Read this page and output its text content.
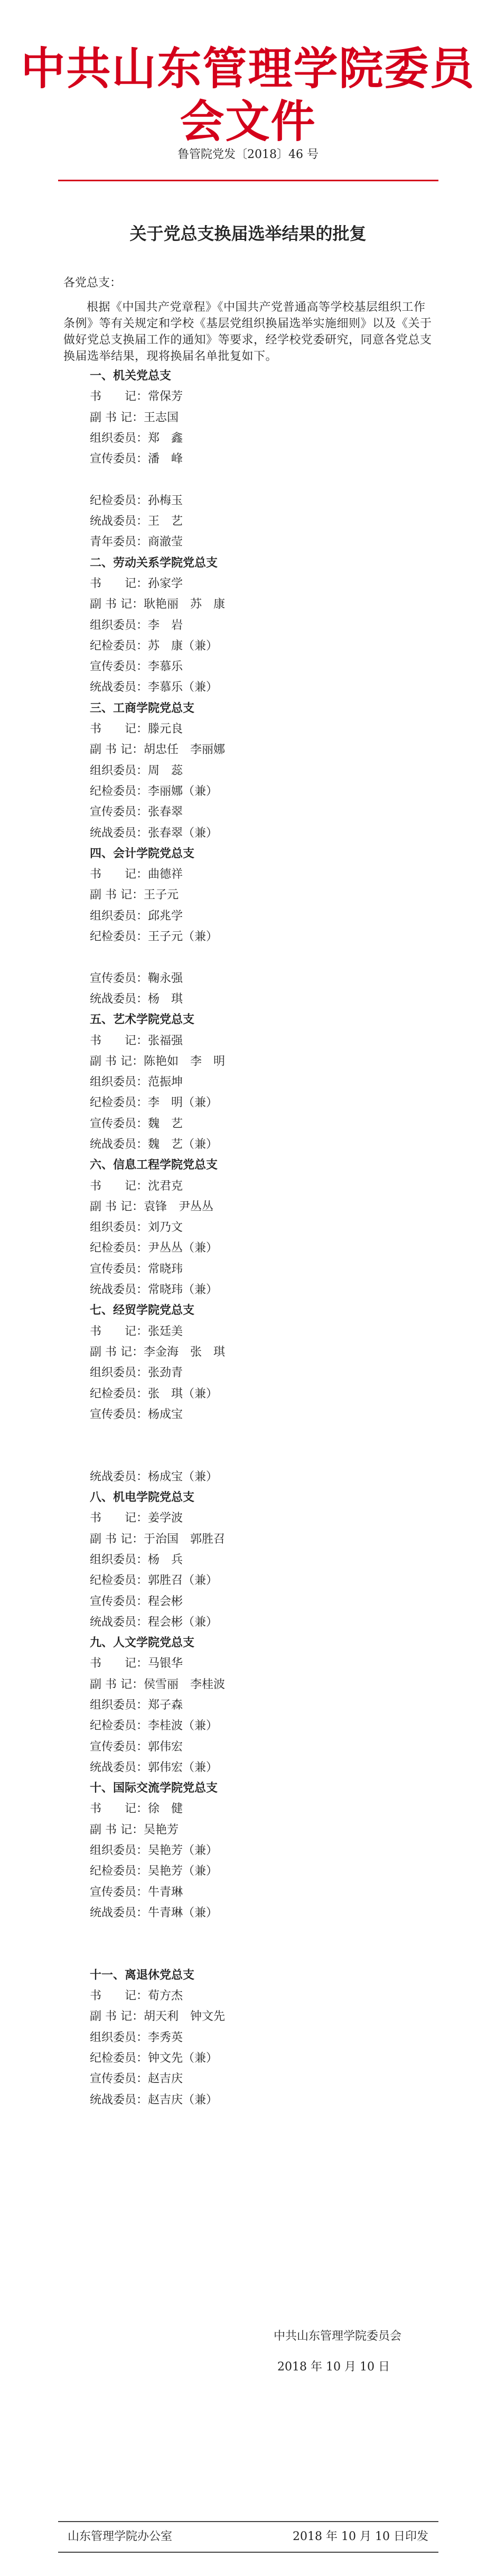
中共山东管理学院委员会文件
鲁管院党发〔2018〕46 号
关于党总支换届选举结果的批复
各党总支：
根据《中国共产党章程》《中国共产党普通高等学校基层组织工作条例》等有关规定和学校《基层党组织换届选举实施细则》以及《关于做好党总支换届工作的通知》等要求，经学校党委研究，同意各党总支换届选举结果，现将换届名单批复如下。
一、机关党总支
书　　记：常保芳
副 书 记：王志国
组织委员：郑　鑫
宣传委员：潘　峰
纪检委员：孙梅玉
统战委员：王　艺
青年委员：商澈莹
二、劳动关系学院党总支
书　　记：孙家学
副 书 记：耿艳丽　苏　康
组织委员：李　岩
纪检委员：苏　康（兼）
宣传委员：李慕乐
统战委员：李慕乐（兼）
三、工商学院党总支
书　　记：滕元良
副 书 记：胡忠任　李丽娜
组织委员：周　蕊
纪检委员：李丽娜（兼）
宣传委员：张春翠
统战委员：张春翠（兼）
四、会计学院党总支
书　　记：曲德祥
副 书 记：王子元
组织委员：邱兆学
纪检委员：王子元（兼）
宣传委员：鞠永强
统战委员：杨　琪
五、艺术学院党总支
书　　记：张福强
副 书 记：陈艳如　李　明
组织委员：范振坤
纪检委员：李　明（兼）
宣传委员：魏　艺
统战委员：魏　艺（兼）
六、信息工程学院党总支
书　　记：沈君克
副 书 记：袁锋　尹丛丛
组织委员：刘乃文
纪检委员：尹丛丛（兼）
宣传委员：常晓玮
统战委员：常晓玮（兼）
七、经贸学院党总支
书　　记：张廷美
副 书 记：李金海　张　琪
组织委员：张劲青
纪检委员：张　琪（兼）
宣传委员：杨成宝
统战委员：杨成宝（兼）
八、机电学院党总支
书　　记：姜学波
副 书 记：于治国　郭胜召
组织委员：杨　兵
纪检委员：郭胜召（兼）
宣传委员：程会彬
统战委员：程会彬（兼）
九、人文学院党总支
书　　记：马银华
副 书 记：侯雪丽　李桂波
组织委员：郑子森
纪检委员：李桂波（兼）
宣传委员：郭伟宏
统战委员：郭伟宏（兼）
十、国际交流学院党总支
书　　记：徐　健
副 书 记：吴艳芳
组织委员：吴艳芳（兼）
纪检委员：吴艳芳（兼）
宣传委员：牛青琳
统战委员：牛青琳（兼）
十一、离退休党总支
书　　记：荀方杰
副 书 记：胡天利　钟文先
组织委员：李秀英
纪检委员：钟文先（兼）
宣传委员：赵吉庆
统战委员：赵吉庆（兼）
中共山东管理学院委员会
2018 年 10 月 10 日
山东管理学院办公室	2018 年 10 月 10 日印发
